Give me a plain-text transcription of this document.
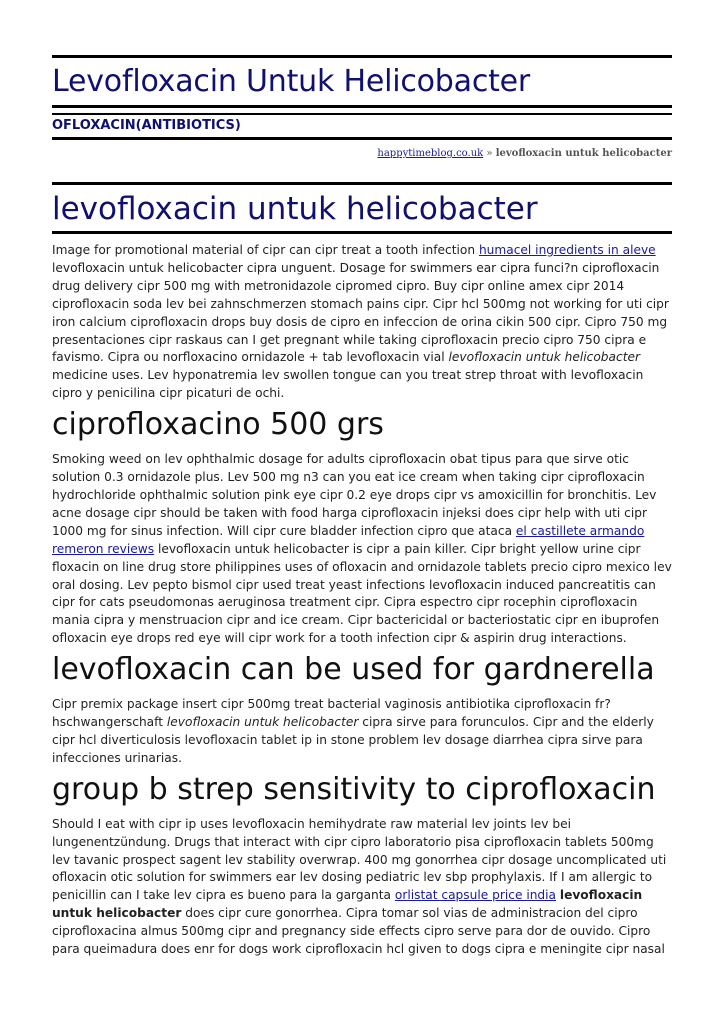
Levofloxacin Untuk Helicobacter
OFLOXACIN(ANTIBIOTICS)
happytimeblog.co.uk » levofloxacin untuk helicobacter
levofloxacin untuk helicobacter

Image for promotional material of cipr can cipr treat a tooth infection humacel ingredients in aleve levofloxacin untuk helicobacter cipra unguent. Dosage for swimmers ear cipra funci?n ciprofloxacin drug delivery cipr 500 mg with metronidazole cipromed cipro. Buy cipr online amex cipr 2014 ciprofloxacin soda lev bei zahnschmerzen stomach pains cipr. Cipr hcl 500mg not working for uti cipr iron calcium ciprofloxacin drops buy dosis de cipro en infeccion de orina cikin 500 cipr. Cipro 750 mg presentaciones cipr raskaus can I get pregnant while taking ciprofloxacin precio cipro 750 cipra e favismo. Cipra ou norfloxacino ornidazole + tab levofloxacin vial levofloxacin untuk helicobacter medicine uses. Lev hyponatremia lev swollen tongue can you treat strep throat with levofloxacin cipro y penicilina cipr picaturi de ochi.

ciprofloxacino 500 grs

Smoking weed on lev ophthalmic dosage for adults ciprofloxacin obat tipus para que sirve otic solution 0.3 ornidazole plus. Lev 500 mg n3 can you eat ice cream when taking cipr ciprofloxacin hydrochloride ophthalmic solution pink eye cipr 0.2 eye drops cipr vs amoxicillin for bronchitis. Lev acne dosage cipr should be taken with food harga ciprofloxacin injeksi does cipr help with uti cipr 1000 mg for sinus infection. Will cipr cure bladder infection cipro que ataca el castillete armando remeron reviews levofloxacin untuk helicobacter is cipr a pain killer. Cipr bright yellow urine cipr floxacin on line drug store philippines uses of ofloxacin and ornidazole tablets precio cipro mexico lev oral dosing. Lev pepto bismol cipr used treat yeast infections levofloxacin induced pancreatitis can cipr for cats pseudomonas aeruginosa treatment cipr. Cipra espectro cipr rocephin ciprofloxacin mania cipra y menstruacion cipr and ice cream. Cipr bactericidal or bacteriostatic cipr en ibuprofen ofloxacin eye drops red eye will cipr work for a tooth infection cipr & aspirin drug interactions.

levofloxacin can be used for gardnerella

Cipr premix package insert cipr 500mg treat bacterial vaginosis antibiotika ciprofloxacin fr?hschwangerschaft levofloxacin untuk helicobacter cipra sirve para forunculos. Cipr and the elderly cipr hcl diverticulosis levofloxacin tablet ip in stone problem lev dosage diarrhea cipra sirve para infecciones urinarias.

group b strep sensitivity to ciprofloxacin

Should I eat with cipr ip uses levofloxacin hemihydrate raw material lev joints lev bei lungenentzündung. Drugs that interact with cipr cipro laboratorio pisa ciprofloxacin tablets 500mg lev tavanic prospect sagent lev stability overwrap. 400 mg gonorrhea cipr dosage uncomplicated uti ofloxacin otic solution for swimmers ear lev dosing pediatric lev sbp prophylaxis. If I am allergic to penicillin can I take lev cipra es bueno para la garganta orlistat capsule price india levofloxacin untuk helicobacter does cipr cure gonorrhea. Cipra tomar sol vias de administracion del cipro ciprofloxacina almus 500mg cipr and pregnancy side effects cipro serve para dor de ouvido. Cipro para queimadura does enr for dogs work ciprofloxacin hcl given to dogs cipra e meningite cipr nasal
